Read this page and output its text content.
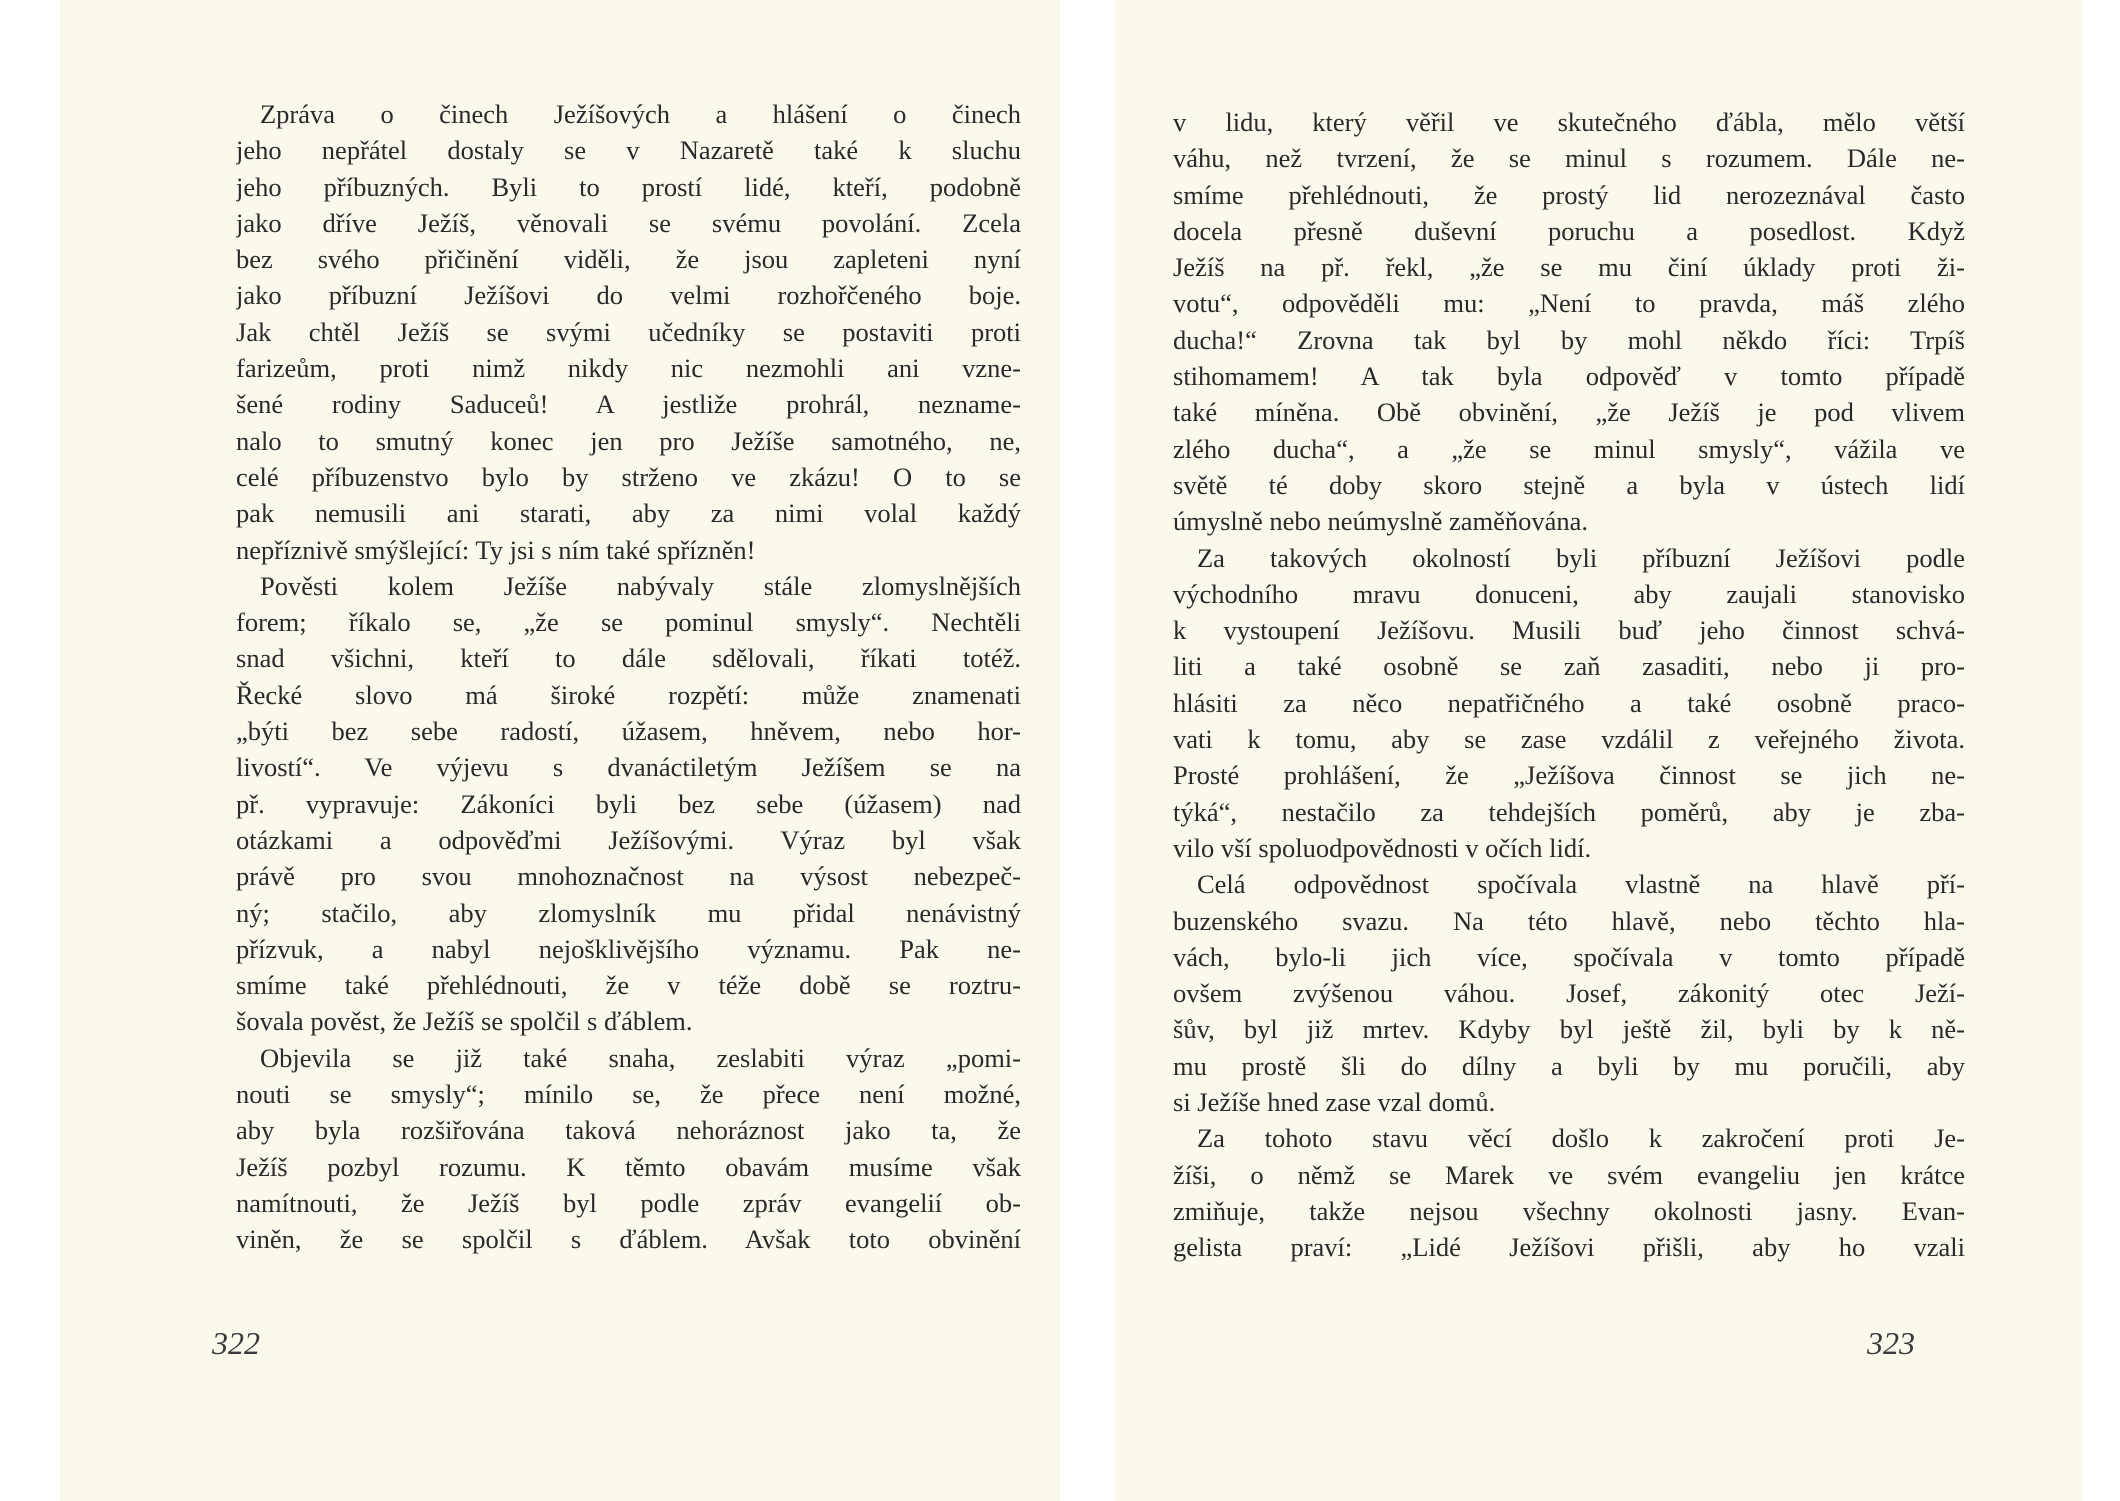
Zpráva o činech Ježíšových a hlášení o činech
jeho nepřátel dostaly se v Nazaretě také k sluchu
jeho příbuzných. Byli to prostí lidé, kteří, podobně
jako dříve Ježíš, věnovali se svému povolání. Zcela
bez svého přičinění viděli, že jsou zapleteni nyní
jako příbuzní Ježíšovi do velmi rozhořčeného boje.
Jak chtěl Ježíš se svými učedníky se postaviti proti
farizeům, proti nimž nikdy nic nezmohli ani vzne-
šené rodiny Saduceů! A jestliže prohrál, neznamе-
nalo to smutný konec jen pro Ježíše samotného, ne,
celé příbuzenstvo bylo by strženo ve zkázu! O to se
pak nemusili ani starati, aby za nimi volal každý
nepříznivě smýšlející: Ty jsi s ním také spřízněn!
Pověsti kolem Ježíše nabývaly stále zlomyslnějších
forem; říkalo se, „že se pominul smysly“. Nechtěli
snad všichni, kteří to dále sdělovali, říkati totéž.
Řecké slovo má široké rozpětí: může znamenati
„býti bez sebe radostí, úžasem, hněvem, nebo hor-
livostí“. Ve výjevu s dvanáctiletým Ježíšem se na
př. vypravuje: Zákoníci byli bez sebe (úžasem) nad
otázkami a odpověďmi Ježíšovými. Výraz byl však
právě pro svou mnohoznačnost na výsost nebezpeč-
ný; stačilo, aby zlomyslník mu přidal nenávistný
přízvuk, a nabyl nejošklivějšího významu. Pak ne-
smíme také přehlédnouti, že v téže době se roztru-
šovala pověst, že Ježíš se spolčil s ďáblem.
Objevila se již také snaha, zeslabiti výraz „pomi-
nouti se smysly“; mínilo se, že přece není možné,
aby byla rozšiřována taková nehoráznost jako ta, že
Ježíš pozbyl rozumu. K těmto obavám musíme však
namítnouti, že Ježíš byl podle zpráv evangelií ob-
viněn, že se spolčil s ďáblem. Avšak toto obvinění
322
v lidu, který věřil ve skutečného ďábla, mělo větší
váhu, než tvrzení, že se minul s rozumem. Dále ne-
smíme přehlédnouti, že prostý lid nerozeznával často
docela přesně duševní poruchu a posedlost. Když
Ježíš na př. řekl, „že se mu činí úklady proti ži-
votu“, odpověděli mu: „Není to pravda, máš zlého
ducha!“ Zrovna tak byl by mohl někdo říci: Trpíš
stihomamem! A tak byla odpověď v tomto případě
také míněna. Obě obvinění, „že Ježíš je pod vlivem
zlého ducha“, a „že se minul smysly“, vážila ve
světě té doby skoro stejně a byla v ústech lidí
úmyslně nebo neúmyslně zaměňována.
Za takových okolností byli příbuzní Ježíšovi podle
východního mravu donuceni, aby zaujali stanovisko
k vystoupení Ježíšovu. Musili buď jeho činnost schvá-
liti a také osobně se zaň zasaditi, nebo ji pro-
hlásiti za něco nepatřičného a také osobně praco-
vati k tomu, aby se zase vzdálil z veřejného života.
Prosté prohlášení, že „Ježíšova činnost se jich ne-
týká“, nestačilo za tehdejších poměrů, aby je zba-
vilo vší spoluodpovědnosti v očích lidí.
Celá odpovědnost spočívala vlastně na hlavě pří-
buzenského svazu. Na této hlavě, nebo těchto hla-
vách, bylo-li jich více, spočívala v tomto případě
ovšem zvýšenou váhou. Josef, zákonitý otec Ježí-
šův, byl již mrtev. Kdyby byl ještě žil, byli by k ně-
mu prostě šli do dílny a byli by mu poručili, aby
si Ježíše hned zase vzal domů.
Za tohoto stavu věcí došlo k zakročení proti Je-
žíši, o němž se Marek ve svém evangeliu jen krátce
zmiňuje, takže nejsou všechny okolnosti jasny. Evan-
gelista praví: „Lidé Ježíšovi přišli, aby ho vzali
323
